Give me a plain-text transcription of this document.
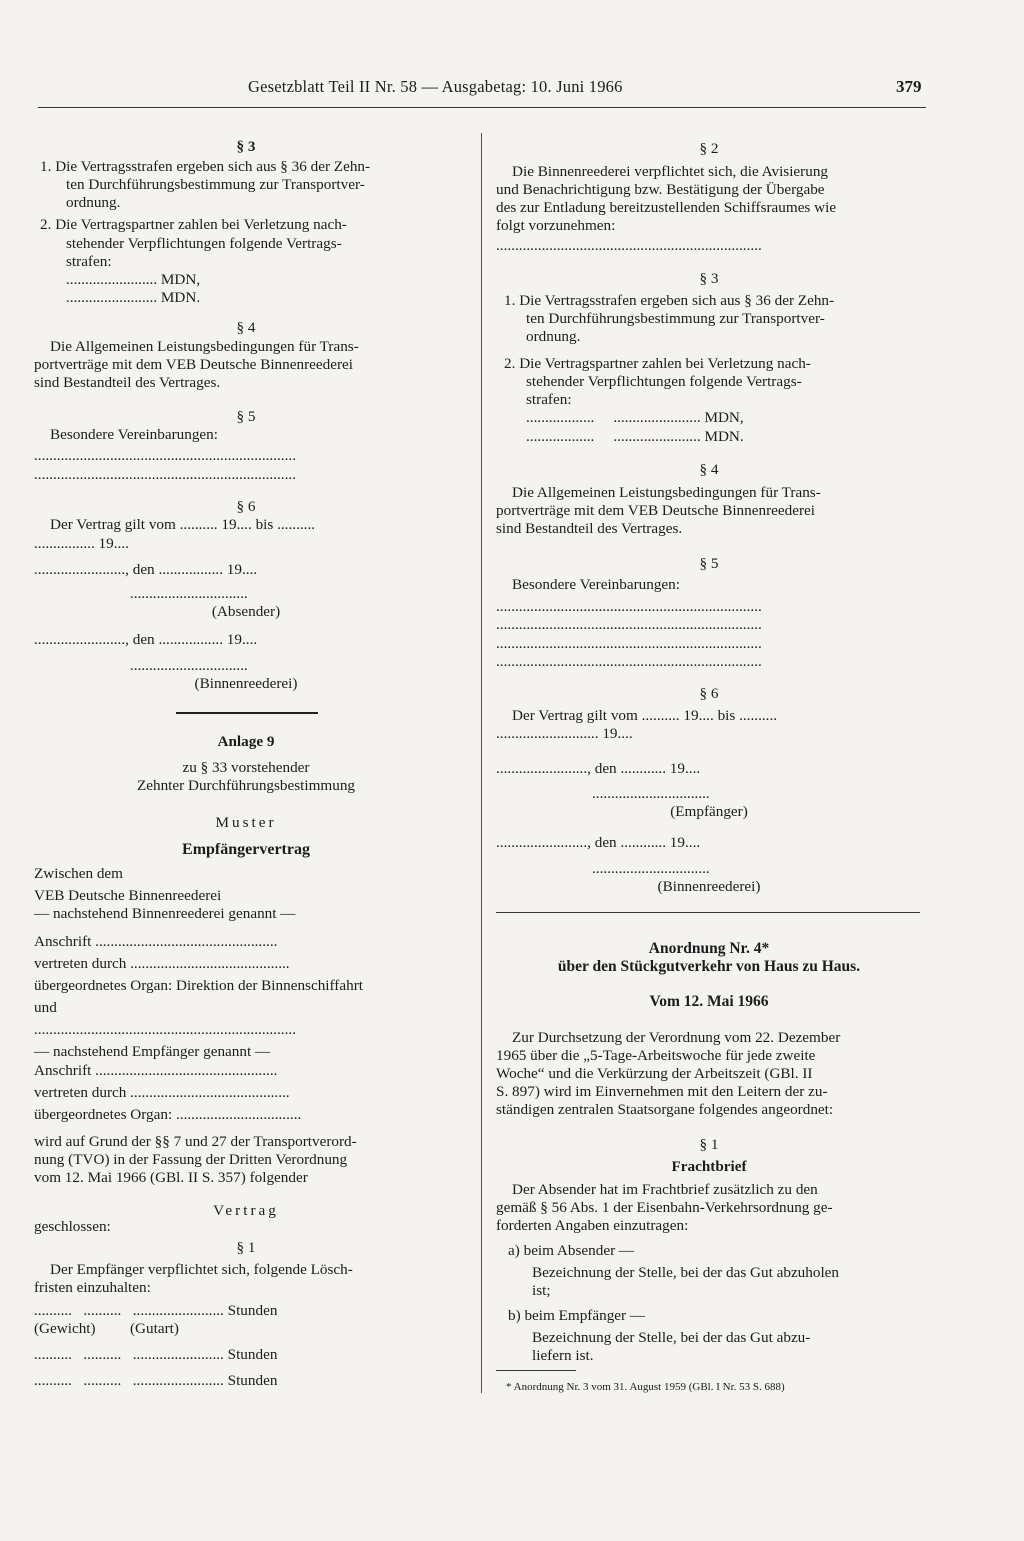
Gesetzblatt Teil II Nr. 58 — Ausgabetag: 10. Juni 1966	379
§ 3
1. Die Vertragsstrafen ergeben sich aus § 36 der Zehn-
ten Durchführungsbestimmung zur Transportver-
ordnung.
2. Die Vertragspartner zahlen bei Verletzung nach-
stehender Verpflichtungen folgende Vertrags-
strafen:
........................ MDN,
........................ MDN.
§ 4
Die Allgemeinen Leistungsbedingungen für Trans-
portverträge mit dem VEB Deutsche Binnenreederei
sind Bestandteil des Vertrages.
§ 5
Besondere Vereinbarungen:
.....................................................................
.....................................................................
§ 6
Der Vertrag gilt vom .......... 19.... bis ..........
................ 19....
........................, den ................. 19....
...............................
(Absender)
........................, den ................. 19....
...............................
(Binnenreederei)
Anlage 9
zu § 33 vorstehender
Zehnter Durchführungsbestimmung
Muster
Empfängervertrag
Zwischen dem
VEB Deutsche Binnenreederei
— nachstehend Binnenreederei genannt —
Anschrift ................................................
vertreten durch ..........................................
übergeordnetes Organ: Direktion der Binnenschiffahrt
und
.....................................................................
— nachstehend Empfänger genannt —
Anschrift ................................................
vertreten durch ..........................................
übergeordnetes Organ: .................................
wird auf Grund der §§ 7 und 27 der Transportverord-
nung (TVO) in der Fassung der Dritten Verordnung
vom 12. Mai 1966 (GBl. II S. 357) folgender
Vertrag
geschlossen:
§ 1
Der Empfänger verpflichtet sich, folgende Lösch-
fristen einzuhalten:
..........   ..........   ........................ Stunden
(Gewicht) (Gutart)
..........   ..........   ........................ Stunden
..........   ..........   ........................ Stunden
§ 2
Die Binnenreederei verpflichtet sich, die Avisierung
und Benachrichtigung bzw. Bestätigung der Übergabe
des zur Entladung bereitzustellenden Schiffsraumes wie
folgt vorzunehmen:
......................................................................
§ 3
1. Die Vertragsstrafen ergeben sich aus § 36 der Zehn-
ten Durchführungsbestimmung zur Transportver-
ordnung.
2. Die Vertragspartner zahlen bei Verletzung nach-
stehender Verpflichtungen folgende Vertrags-
strafen:
..................     ....................... MDN,
..................     ....................... MDN.
§ 4
Die Allgemeinen Leistungsbedingungen für Trans-
portverträge mit dem VEB Deutsche Binnenreederei
sind Bestandteil des Vertrages.
§ 5
Besondere Vereinbarungen:
......................................................................
......................................................................
......................................................................
......................................................................
§ 6
Der Vertrag gilt vom .......... 19.... bis ..........
........................... 19....
........................, den ............ 19....
...............................
(Empfänger)
........................, den ............ 19....
...............................
(Binnenreederei)
Anordnung Nr. 4*
über den Stückgutverkehr von Haus zu Haus.
Vom 12. Mai 1966
Zur Durchsetzung der Verordnung vom 22. Dezember
1965 über die „5-Tage-Arbeitswoche für jede zweite
Woche“ und die Verkürzung der Arbeitszeit (GBl. II
S. 897) wird im Einvernehmen mit den Leitern der zu-
ständigen zentralen Staatsorgane folgendes angeordnet:
§ 1
Frachtbrief
Der Absender hat im Frachtbrief zusätzlich zu den
gemäß § 56 Abs. 1 der Eisenbahn-Verkehrsordnung ge-
forderten Angaben einzutragen:
a) beim Absender —
Bezeichnung der Stelle, bei der das Gut abzuholen
ist;
b) beim Empfänger —
Bezeichnung der Stelle, bei der das Gut abzu-
liefern ist.
* Anordnung Nr. 3 vom 31. August 1959 (GBl. I Nr. 53 S. 688)
